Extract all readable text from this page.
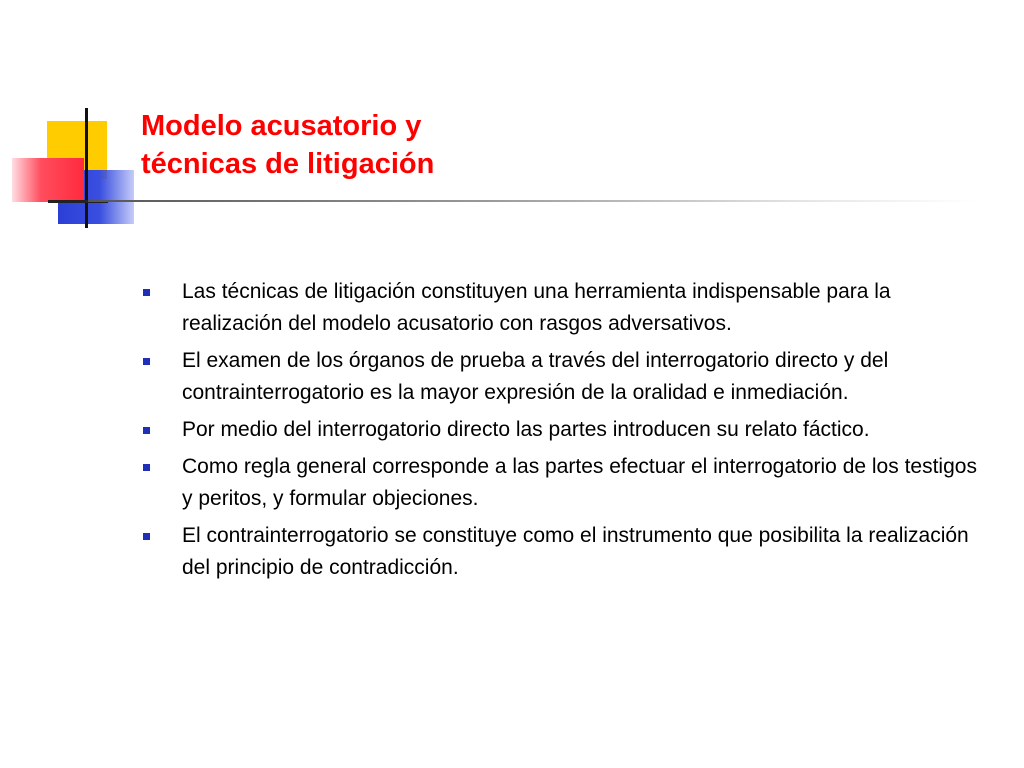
Modelo acusatorio y
técnicas de litigación
Las técnicas de litigación constituyen una herramienta indispensable para la realización del modelo acusatorio con rasgos adversativos.
El examen de los órganos de prueba a través del interrogatorio directo y del contrainterrogatorio es la mayor expresión de la oralidad e inmediación.
Por medio del interrogatorio directo las partes introducen su relato fáctico.
Como regla general corresponde a las partes efectuar el interrogatorio de los testigos y peritos, y formular objeciones.
El contrainterrogatorio se constituye como el instrumento que posibilita la realización del principio de contradicción.
